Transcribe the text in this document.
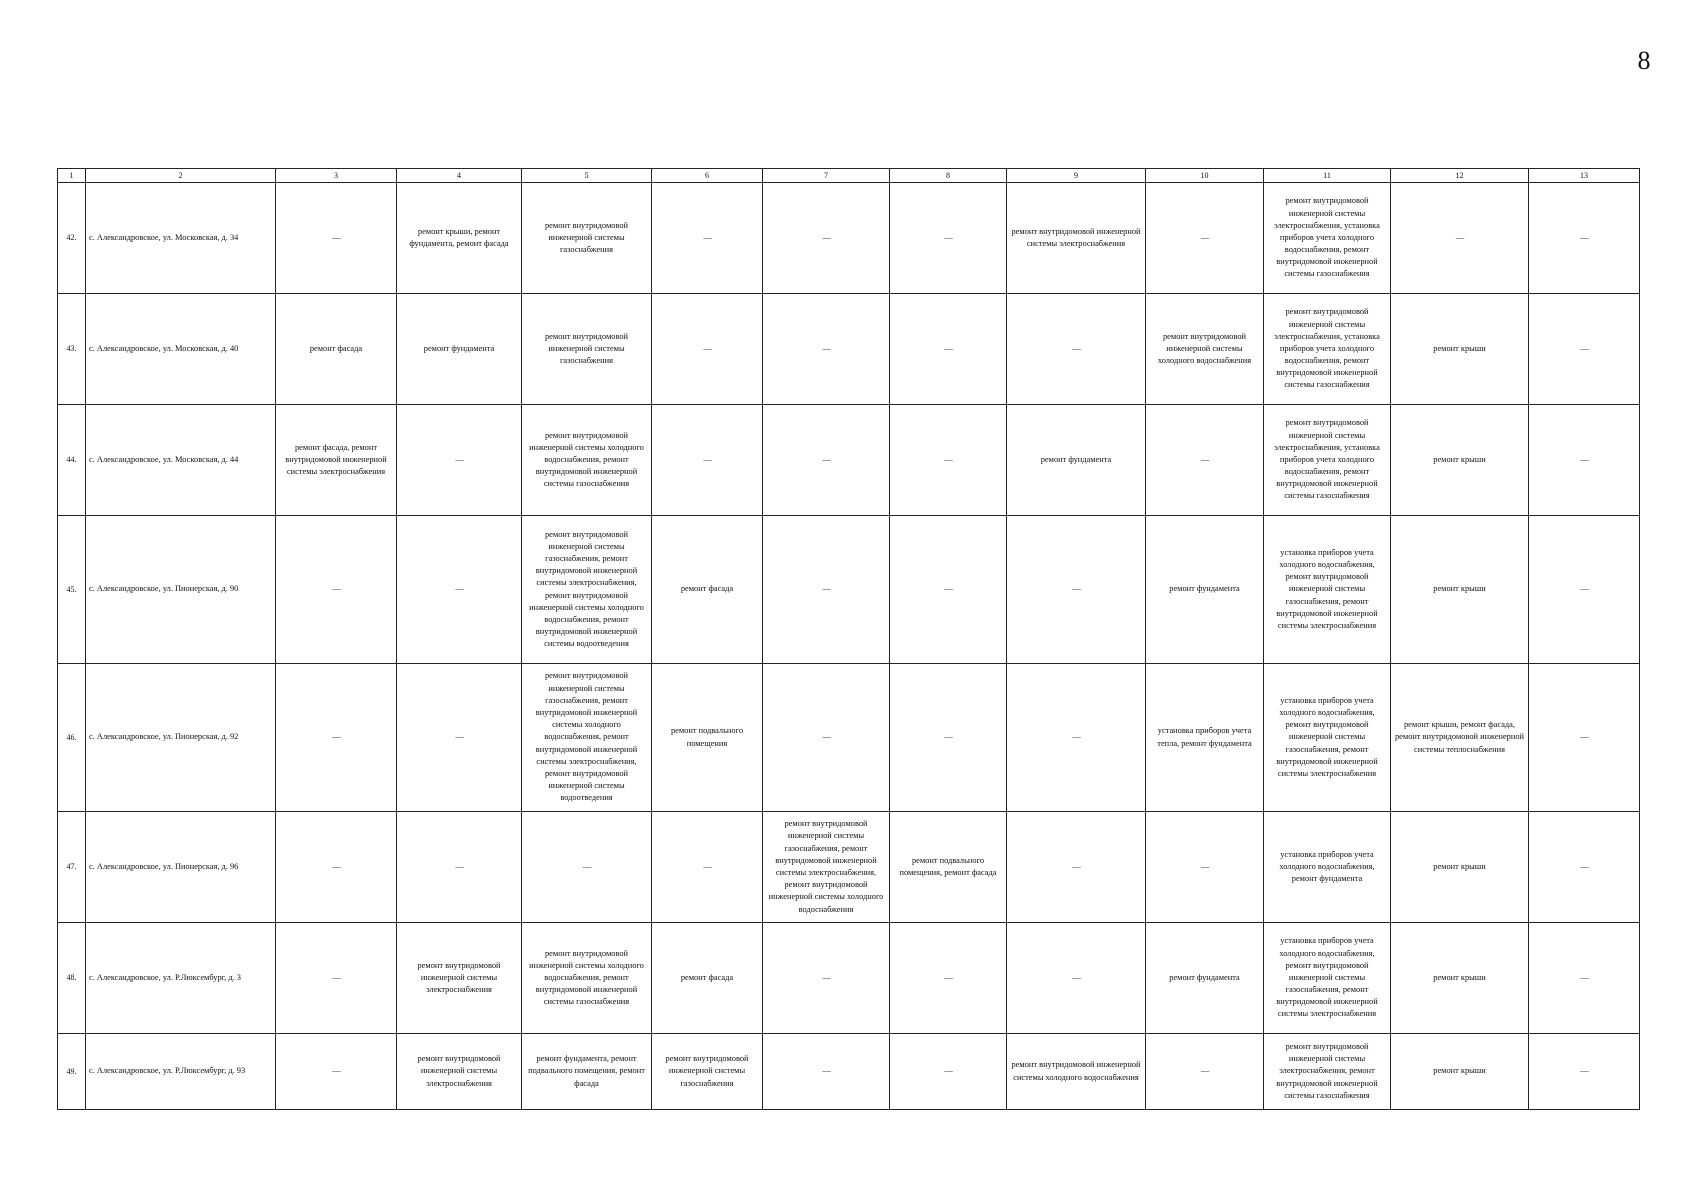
8
1	2	3	4	5	6	7	8	9	10	11	12	13
42.	с. Александровское, ул. Московская, д. 34	—	ремонт крыши, ремонт фундамента, ремонт фасада	ремонт внутридомовой инженерной системы газоснабжения	—	—	—	ремонт внутридомовой инженерной системы электроснабжения	—	ремонт внутридомовой инженерной системы электроснабжения, установка приборов учета холодного водоснабжения, ремонт внутридомовой инженерной системы газоснабжения	—	—
43.	с. Александровское, ул. Московская, д. 40	ремонт фасада	ремонт фундамента	ремонт внутридомовой инженерной системы газоснабжения	—	—	—	—	ремонт внутридомовой инженерной системы холодного водоснабжения	ремонт внутридомовой инженерной системы электроснабжения, установка приборов учета холодного водоснабжения, ремонт внутридомовой инженерной системы газоснабжения	ремонт крыши	—
44.	с. Александровское, ул. Московская, д. 44	ремонт фасада, ремонт внутридомовой инженерной системы электроснабжения	—	ремонт внутридомовой инженерной системы холодного водоснабжения, ремонт внутридомовой инженерной системы газоснабжения	—	—	—	ремонт фундамента	—	ремонт внутридомовой инженерной системы электроснабжения, установка приборов учета холодного водоснабжения, ремонт внутридомовой инженерной системы газоснабжения	ремонт крыши	—
45.	с. Александровское, ул. Пионерская, д. 90	—	—	ремонт внутридомовой инженерной системы газоснабжения, ремонт внутридомовой инженерной системы электроснабжения, ремонт внутридомовой инженерной системы холодного водоснабжения, ремонт внутридомовой инженерной системы водоотведения	ремонт фасада	—	—	—	ремонт фундамента	установка приборов учета холодного водоснабжения, ремонт внутридомовой инженерной системы газоснабжения, ремонт внутридомовой инженерной системы электроснабжения	ремонт крыши	—
46.	с. Александровское, ул. Пионерская, д. 92	—	—	ремонт внутридомовой инженерной системы газоснабжения, ремонт внутридомовой инженерной системы холодного водоснабжения, ремонт внутридомовой инженерной системы электроснабжения, ремонт внутридомовой инженерной системы водоотведения	ремонт подвального помещения	—	—	—	установка приборов учета тепла, ремонт фундамента	установка приборов учета холодного водоснабжения, ремонт внутридомовой инженерной системы газоснабжения, ремонт внутридомовой инженерной системы электроснабжения	ремонт крыши, ремонт фасада, ремонт внутридомовой инженерной системы теплоснабжения	—
47.	с. Александровское, ул. Пионерская, д. 96	—	—	—	—	ремонт внутридомовой инженерной системы газоснабжения, ремонт внутридомовой инженерной системы электроснабжения, ремонт внутридомовой инженерной системы холодного водоснабжения	ремонт подвального помещения, ремонт фасада	—	—	установка приборов учета холодного водоснабжения, ремонт фундамента	ремонт крыши	—
48.	с. Александровское, ул. Р.Люксембург, д. 3	—	ремонт внутридомовой инженерной системы электроснабжения	ремонт внутридомовой инженерной системы холодного водоснабжения, ремонт внутридомовой инженерной системы газоснабжения	ремонт фасада	—	—	—	ремонт фундамента	установка приборов учета холодного водоснабжения, ремонт внутридомовой инженерной системы газоснабжения, ремонт внутридомовой инженерной системы электроснабжения	ремонт крыши	—
49.	с. Александровское, ул. Р.Люксембург, д. 93	—	ремонт внутридомовой инженерной системы электроснабжения	ремонт фундамента, ремонт подвального помещения, ремонт фасада	ремонт внутридомовой инженерной системы газоснабжения	—	—	ремонт внутридомовой инженерной системы холодного водоснабжения	—	ремонт внутридомовой инженерной системы электроснабжения, ремонт внутридомовой инженерной системы газоснабжения	ремонт крыши	—
